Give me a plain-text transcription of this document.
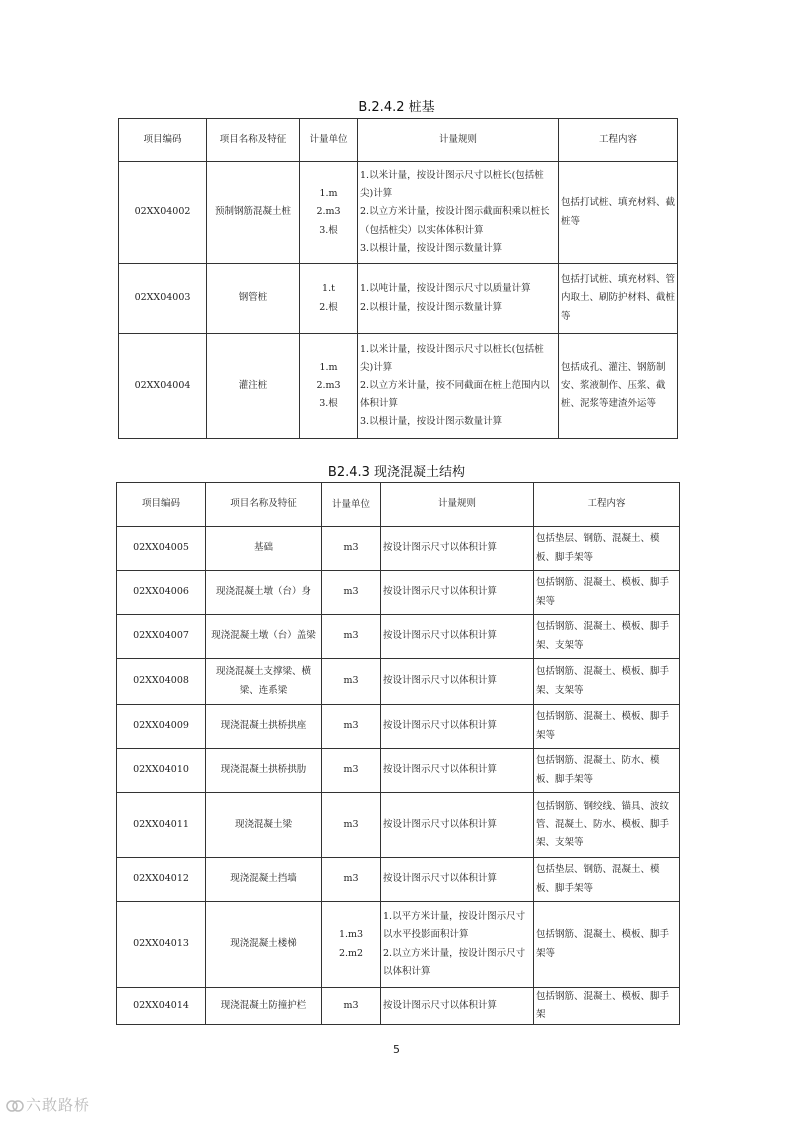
B.2.4.2 桩基
项目编码	项目名称及特征	计量单位	计量规则	工程内容
02XX04002	预制钢筋混凝土桩	1.m
2.m3
3.根	1.以米计量，按设计图示尺寸以桩长(包括桩尖)计算
2.以立方米计量，按设计图示截面积乘以桩长（包括桩尖）以实体体积计算
3.以根计量，按设计图示数量计算	包括打试桩、填充材料、截桩等
02XX04003	钢管桩	1.t
2.根	1.以吨计量，按设计图示尺寸以质量计算
2.以根计量，按设计图示数量计算	包括打试桩、填充材料、管内取土、刷防护材料、截桩等
02XX04004	灌注桩	1.m
2.m3
3.根	1.以米计量，按设计图示尺寸以桩长(包括桩尖)计算
2.以立方米计量，按不同截面在桩上范围内以体积计算
3.以根计量，按设计图示数量计算	包括成孔、灌注、钢筋制安、浆液制作、压浆、截桩、泥浆等建渣外运等
B2.4.3 现浇混凝土结构
项目编码	项目名称及特征	计量单位	计量规则	工程内容
02XX04005	基础	m3	按设计图示尺寸以体积计算	包括垫层、钢筋、混凝土、模板、脚手架等
02XX04006	现浇混凝土墩（台）身	m3	按设计图示尺寸以体积计算	包括钢筋、混凝土、模板、脚手架等
02XX04007	现浇混凝土墩（台）盖梁	m3	按设计图示尺寸以体积计算	包括钢筋、混凝土、模板、脚手架、支架等
02XX04008	现浇混凝土支撑梁、横梁、连系梁	m3	按设计图示尺寸以体积计算	包括钢筋、混凝土、模板、脚手架、支架等
02XX04009	现浇混凝土拱桥拱座	m3	按设计图示尺寸以体积计算	包括钢筋、混凝土、模板、脚手架等
02XX04010	现浇混凝土拱桥拱肋	m3	按设计图示尺寸以体积计算	包括钢筋、混凝土、防水、模板、脚手架等
02XX04011	现浇混凝土梁	m3	按设计图示尺寸以体积计算	包括钢筋、钢绞线、锚具、波纹管、混凝土、防水、模板、脚手架、支架等
02XX04012	现浇混凝土挡墙	m3	按设计图示尺寸以体积计算	包括垫层、钢筋、混凝土、模板、脚手架等
02XX04013	现浇混凝土楼梯	1.m3
2.m2	1.以平方米计量，按设计图示尺寸以水平投影面积计算
2.以立方米计量，按设计图示尺寸以体积计算	包括钢筋、混凝土、模板、脚手架等
02XX04014	现浇混凝土防撞护栏	m3	按设计图示尺寸以体积计算	包括钢筋、混凝土、模板、脚手架
5
六敢路桥
